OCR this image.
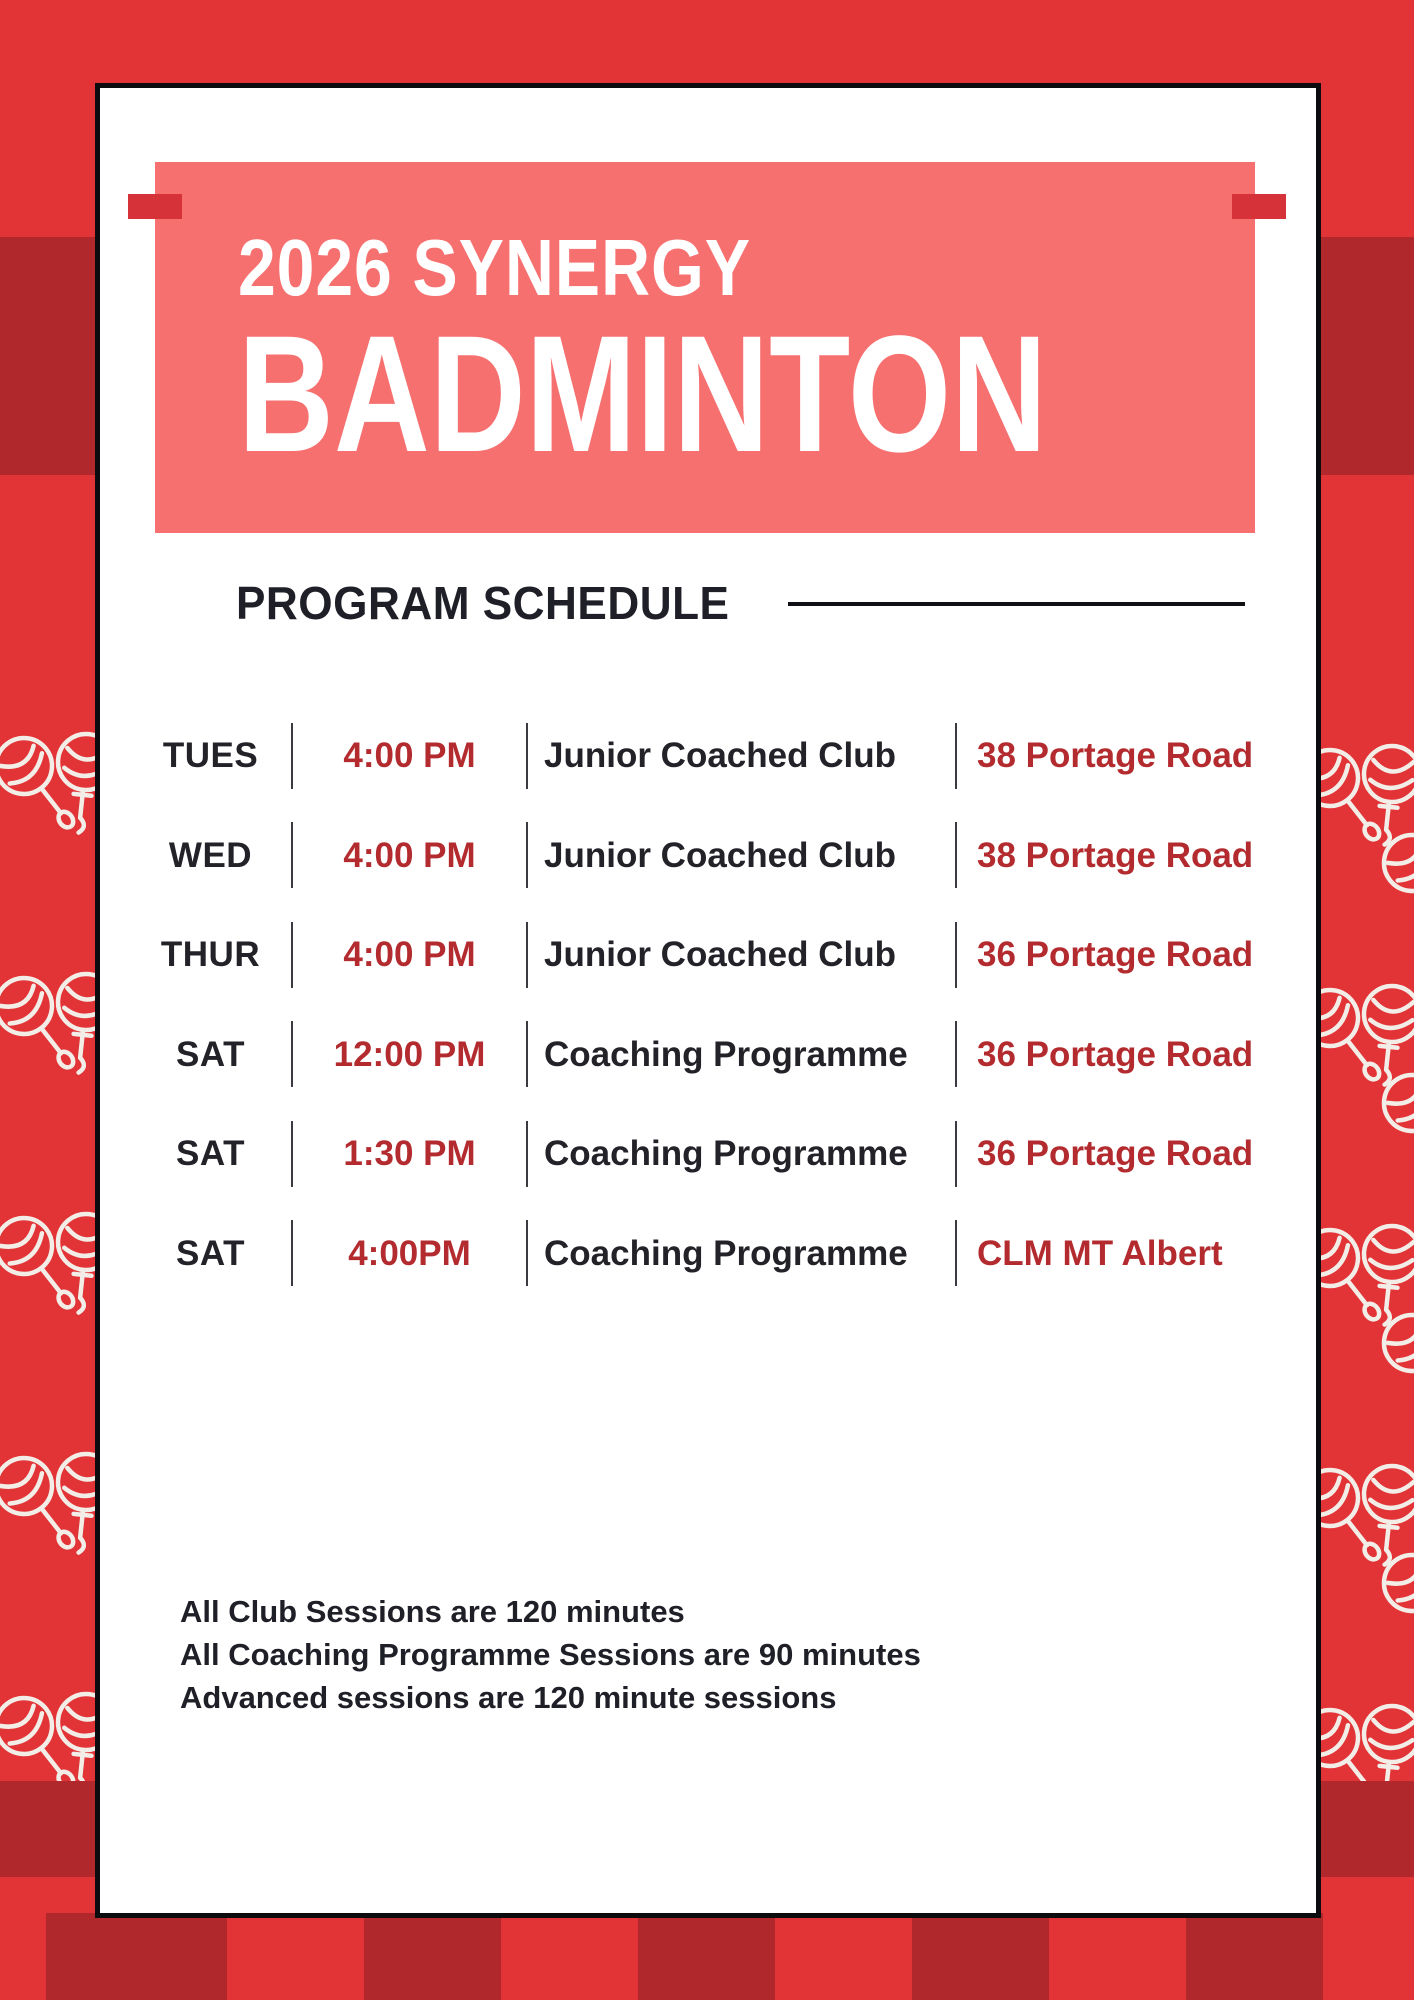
2026 SYNERGY
BADMINTON
PROGRAM SCHEDULE
TUES	4:00 PM	Junior Coached Club	38 Portage Road
WED	4:00 PM	Junior Coached Club	38 Portage Road
THUR	4:00 PM	Junior Coached Club	36 Portage Road
SAT	12:00 PM	Coaching Programme	36 Portage Road
SAT	1:30 PM	Coaching Programme	36 Portage Road
SAT	4:00PM	Coaching Programme	CLM MT Albert
All Club Sessions are 120 minutes
All Coaching Programme Sessions are 90 minutes
Advanced sessions are 120 minute sessions
